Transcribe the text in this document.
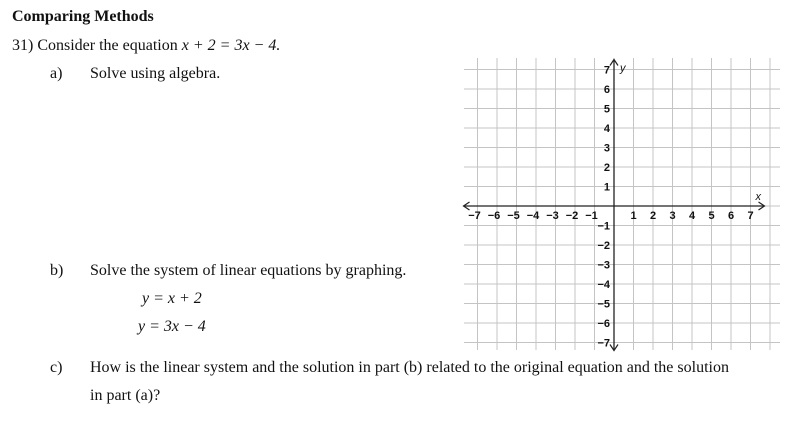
Comparing Methods
31) Consider the equation x + 2 = 3x − 4.
a) Solve using algebra.
b) Solve the system of linear equations by graphing.
y = x + 2
y = 3x − 4
c) How is the linear system and the solution in part (b) related to the original equation and the solution
in part (a)?
−7 −6 −5 −4 −3 −2 −1	1 2 3 4 5 6 7
7
6
5
4
3
2
1
−1
−2
−3
−4
−5
−6
−7
x
y
